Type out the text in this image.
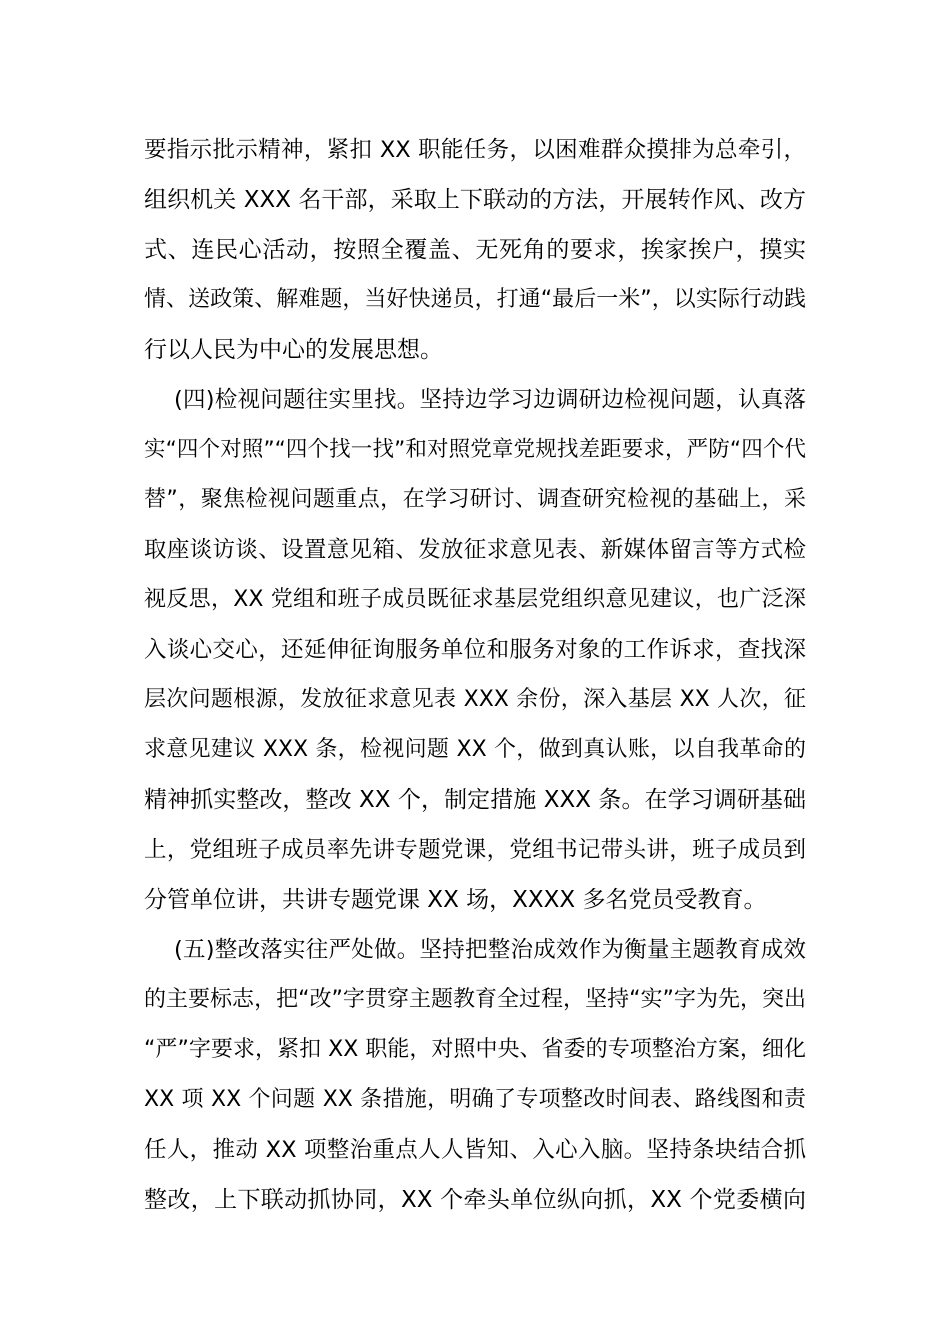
要指示批示精神，紧扣 XX 职能任务，以困难群众摸排为总牵引，
组织机关 XXX 名干部，采取上下联动的方法，开展转作风、改方
式、连民心活动，按照全覆盖、无死角的要求，挨家挨户，摸实
情、送政策、解难题，当好快递员，打通“最后一米”，以实际行动践
行以人民为中心的发展思想。
(四)检视问题往实里找。坚持边学习边调研边检视问题，认真落
实“四个对照”“四个找一找”和对照党章党规找差距要求，严防“四个代
替”，聚焦检视问题重点，在学习研讨、调查研究检视的基础上，采
取座谈访谈、设置意见箱、发放征求意见表、新媒体留言等方式检
视反思，XX 党组和班子成员既征求基层党组织意见建议，也广泛深
入谈心交心，还延伸征询服务单位和服务对象的工作诉求，查找深
层次问题根源，发放征求意见表 XXX 余份，深入基层 XX 人次，征
求意见建议 XXX 条，检视问题 XX 个，做到真认账，以自我革命的
精神抓实整改，整改 XX 个，制定措施 XXX 条。在学习调研基础
上，党组班子成员率先讲专题党课，党组书记带头讲，班子成员到
分管单位讲，共讲专题党课 XX 场，XXXX 多名党员受教育。
(五)整改落实往严处做。坚持把整治成效作为衡量主题教育成效
的主要标志，把“改”字贯穿主题教育全过程，坚持“实”字为先，突出
“严”字要求，紧扣 XX 职能，对照中央、省委的专项整治方案，细化
XX 项 XX 个问题 XX 条措施，明确了专项整改时间表、路线图和责
任人，推动 XX 项整治重点人人皆知、入心入脑。坚持条块结合抓
整改，上下联动抓协同，XX 个牵头单位纵向抓，XX 个党委横向
